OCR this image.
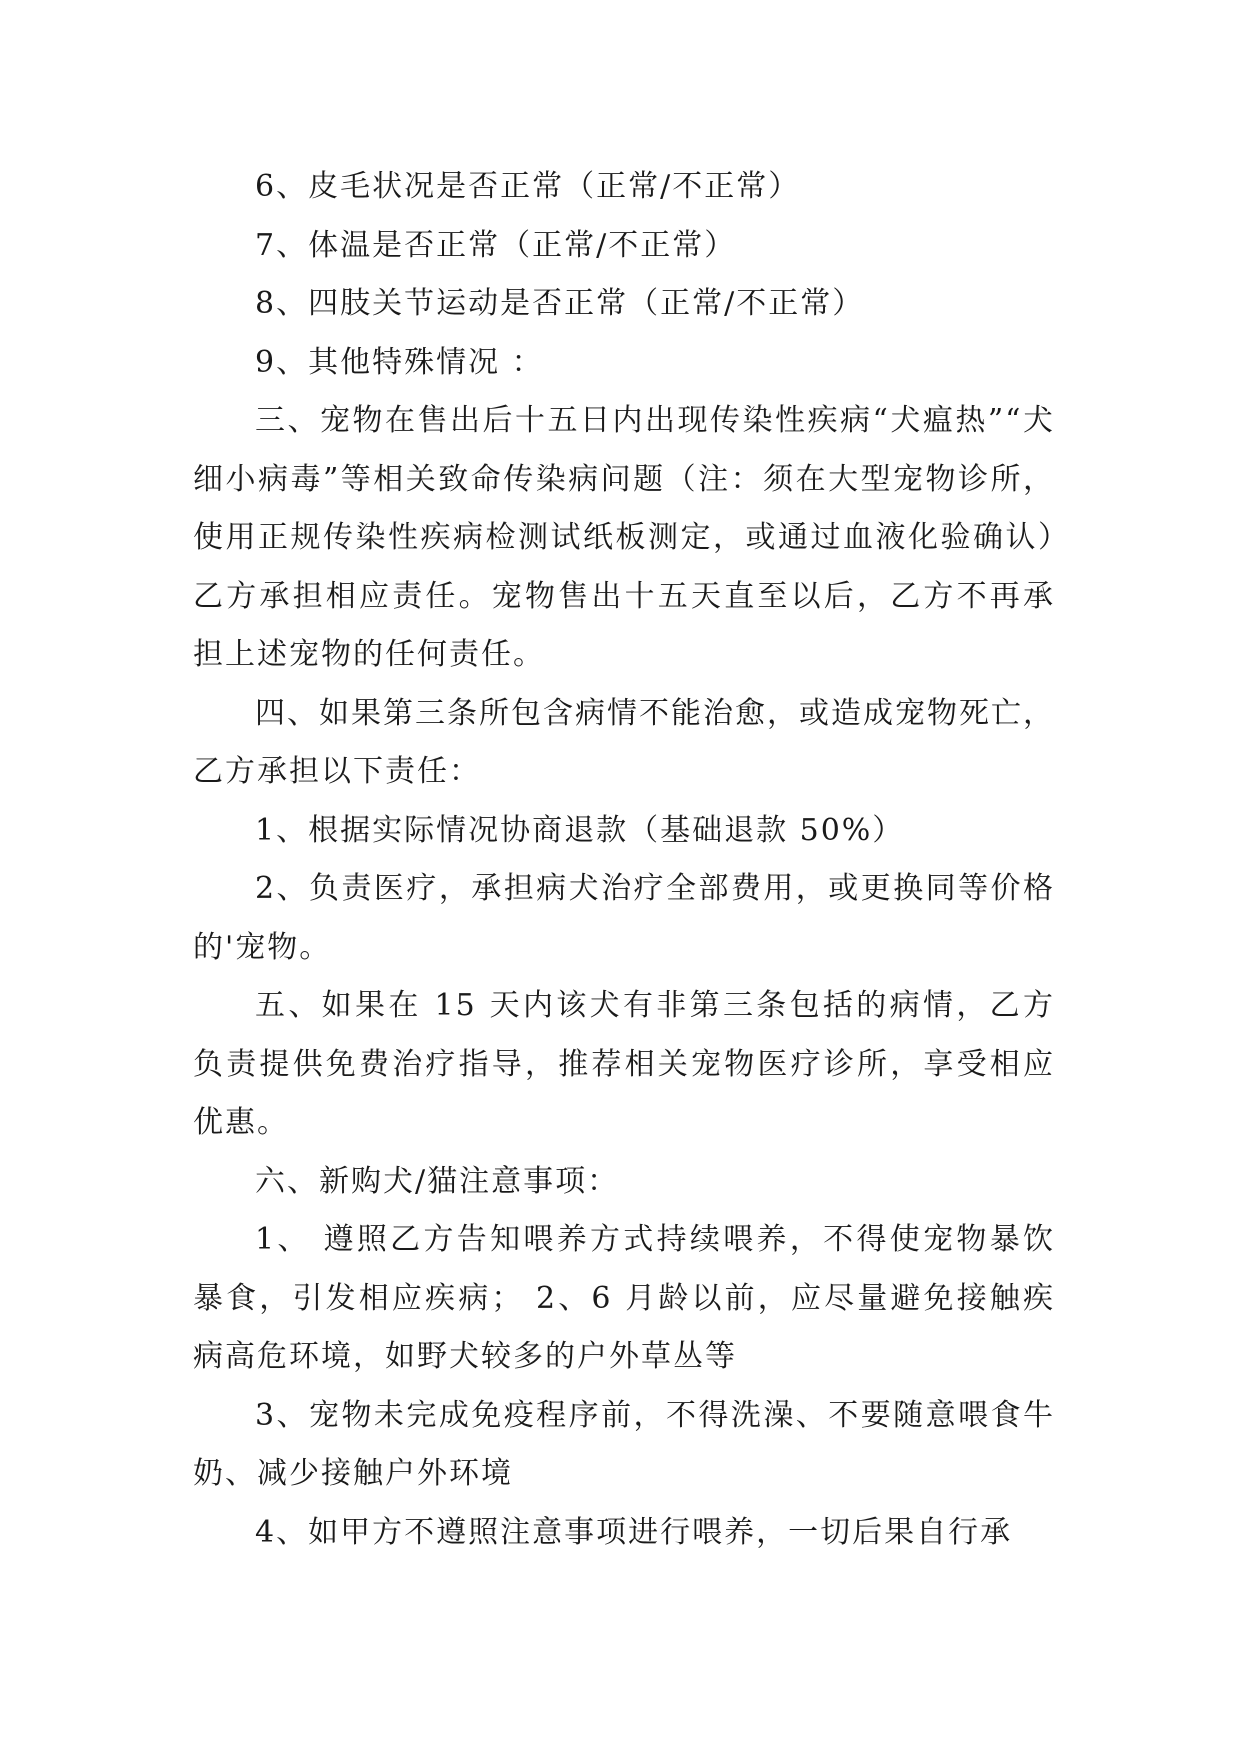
6、皮毛状况是否正常（正常/不正常）

7、体温是否正常（正常/不正常）

8、四肢关节运动是否正常（正常/不正常）

9、其他特殊情况 ：

三、宠物在售出后十五日内出现传染性疾病“犬瘟热”“犬细小病毒”等相关致命传染病问题（注：须在大型宠物诊所，使用正规传染性疾病检测试纸板测定，或通过血液化验确认）乙方承担相应责任。宠物售出十五天直至以后，乙方不再承担上述宠物的任何责任。

四、如果第三条所包含病情不能治愈，或造成宠物死亡，乙方承担以下责任：

1、根据实际情况协商退款（基础退款 50%）

2、负责医疗，承担病犬治疗全部费用，或更换同等价格的'宠物。

五、如果在 15 天内该犬有非第三条包括的病情，乙方负责提供免费治疗指导，推荐相关宠物医疗诊所，享受相应优惠。

六、新购犬/猫注意事项：

1、 遵照乙方告知喂养方式持续喂养，不得使宠物暴饮暴食，引发相应疾病； 2、6 月龄以前，应尽量避免接触疾病高危环境，如野犬较多的户外草丛等

3、宠物未完成免疫程序前，不得洗澡、不要随意喂食牛奶、减少接触户外环境

4、如甲方不遵照注意事项进行喂养，一切后果自行承
